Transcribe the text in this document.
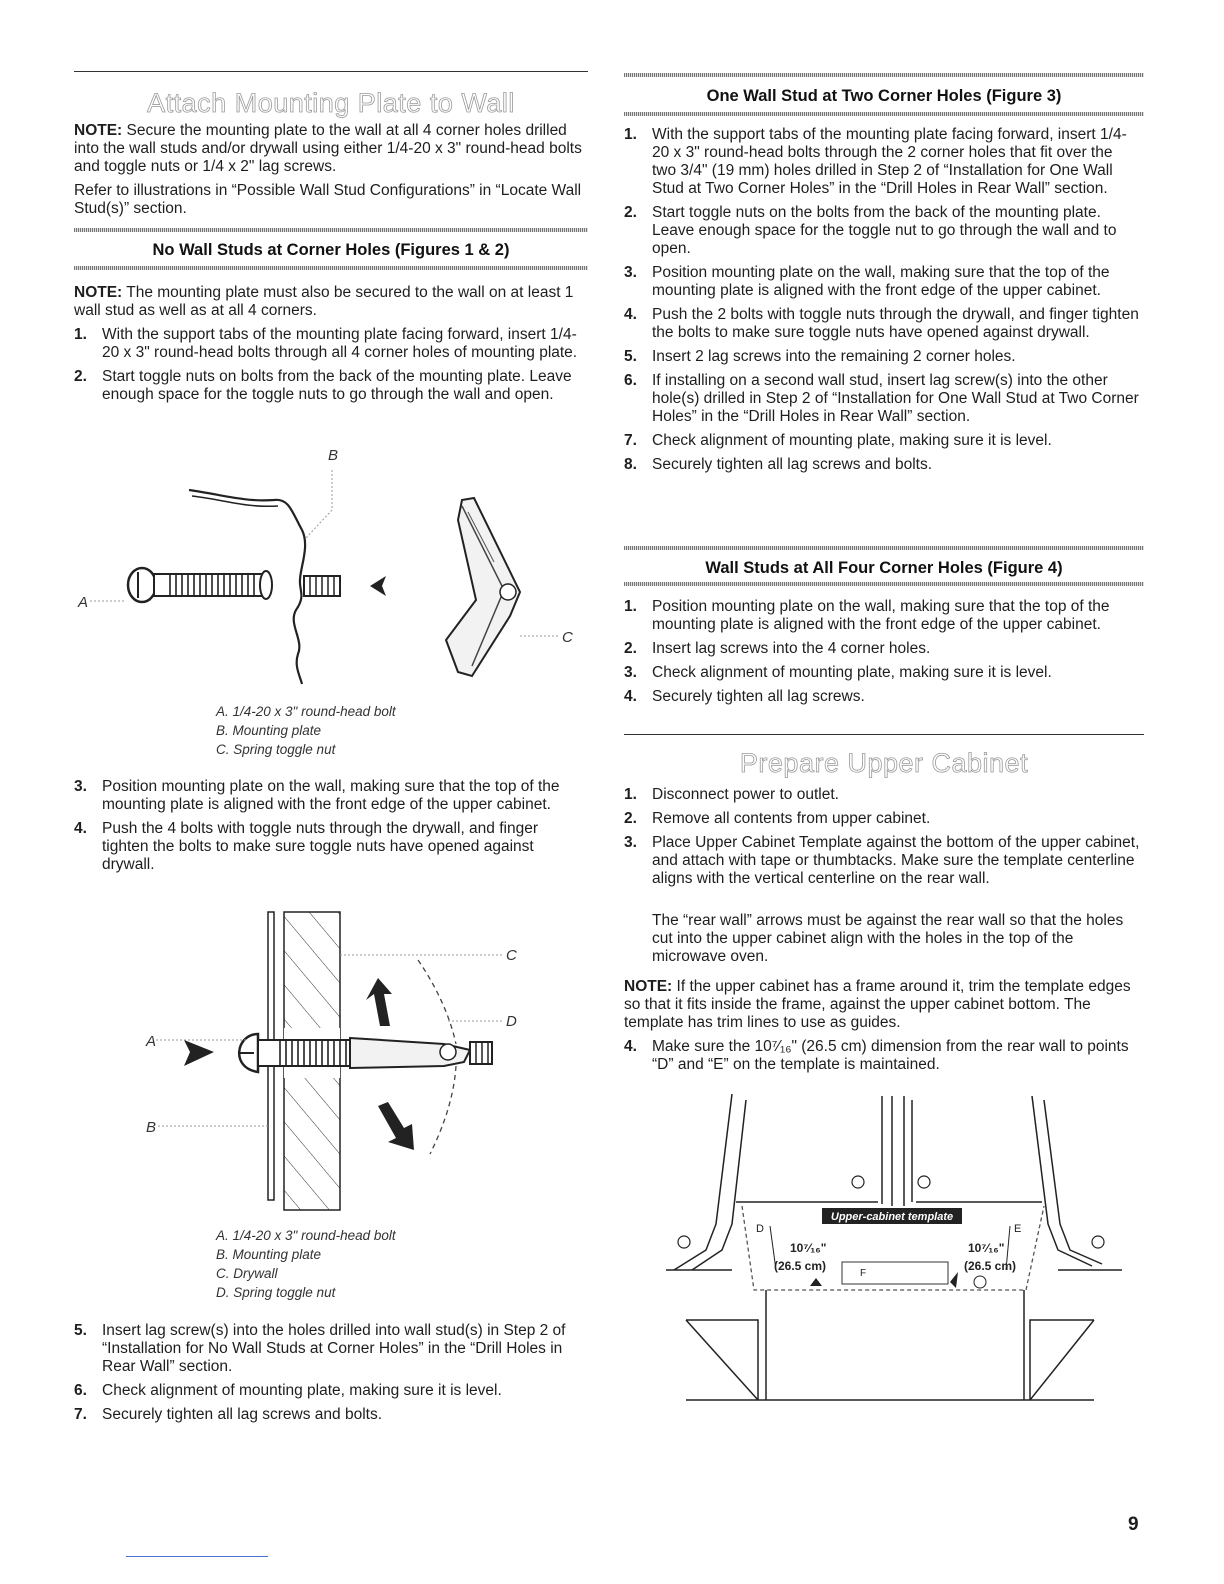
Attach Mounting Plate to Wall

NOTE: Secure the mounting plate to the wall at all 4 corner holes drilled into the wall studs and/or drywall using either 1/4-20 x 3" round-head bolts and toggle nuts or 1/4 x 2" lag screws.

Refer to illustrations in “Possible Wall Stud Configurations” in “Locate Wall Stud(s)” section.

No Wall Studs at Corner Holes (Figures 1 & 2)

NOTE: The mounting plate must also be secured to the wall on at least 1 wall stud as well as at all 4 corners.

1. With the support tabs of the mounting plate facing forward, insert 1/4-20 x 3" round-head bolts through all 4 corner holes of mounting plate.
2. Start toggle nuts on bolts from the back of the mounting plate. Leave enough space for the toggle nuts to go through the wall and open.
B
C
A
A. 1/4-20 x 3" round-head bolt
B. Mounting plate
C. Spring toggle nut
3. Position mounting plate on the wall, making sure that the top of the mounting plate is aligned with the front edge of the upper cabinet.
4. Push the 4 bolts with toggle nuts through the drywall, and finger tighten the bolts to make sure toggle nuts have opened against drywall.
A
B
C
D
A. 1/4-20 x 3" round-head bolt
B. Mounting plate
C. Drywall
D. Spring toggle nut
5. Insert lag screw(s) into the holes drilled into wall stud(s) in Step 2 of “Installation for No Wall Studs at Corner Holes” in the “Drill Holes in Rear Wall” section.
6. Check alignment of mounting plate, making sure it is level.
7. Securely tighten all lag screws and bolts.
One Wall Stud at Two Corner Holes (Figure 3)
1. With the support tabs of the mounting plate facing forward, insert 1/4-20 x 3" round-head bolts through the 2 corner holes that fit over the two 3/4" (19 mm) holes drilled in Step 2 of “Installation for One Wall Stud at Two Corner Holes” in the “Drill Holes in Rear Wall” section.
2. Start toggle nuts on the bolts from the back of the mounting plate. Leave enough space for the toggle nut to go through the wall and to open.
3. Position mounting plate on the wall, making sure that the top of the mounting plate is aligned with the front edge of the upper cabinet.
4. Push the 2 bolts with toggle nuts through the drywall, and finger tighten the bolts to make sure toggle nuts have opened against drywall.
5. Insert 2 lag screws into the remaining 2 corner holes.
6. If installing on a second wall stud, insert lag screw(s) into the other hole(s) drilled in Step 2 of “Installation for One Wall Stud at Two Corner Holes” in the “Drill Holes in Rear Wall” section.
7. Check alignment of mounting plate, making sure it is level.
8. Securely tighten all lag screws and bolts.
Wall Studs at All Four Corner Holes (Figure 4)
1. Position mounting plate on the wall, making sure that the top of the mounting plate is aligned with the front edge of the upper cabinet.
2. Insert lag screws into the 4 corner holes.
3. Check alignment of mounting plate, making sure it is level.
4. Securely tighten all lag screws.
Prepare Upper Cabinet
1. Disconnect power to outlet.
2. Remove all contents from upper cabinet.
3. Place Upper Cabinet Template against the bottom of the upper cabinet, and attach with tape or thumbtacks. Make sure the template centerline aligns with the vertical centerline on the rear wall.
The “rear wall” arrows must be against the rear wall so that the holes cut into the upper cabinet align with the holes in the top of the microwave oven.

NOTE: If the upper cabinet has a frame around it, trim the template edges so that it fits inside the frame, against the upper cabinet bottom. The template has trim lines to use as guides.

4. Make sure the 10⁷⁄₁₆" (26.5 cm) dimension from the rear wall to points “D” and “E” on the template is maintained.
Upper-cabinet template
D	E
10⁷⁄₁₆"
(26.5 cm)
10⁷⁄₁₆"
(26.5 cm)
F
9
